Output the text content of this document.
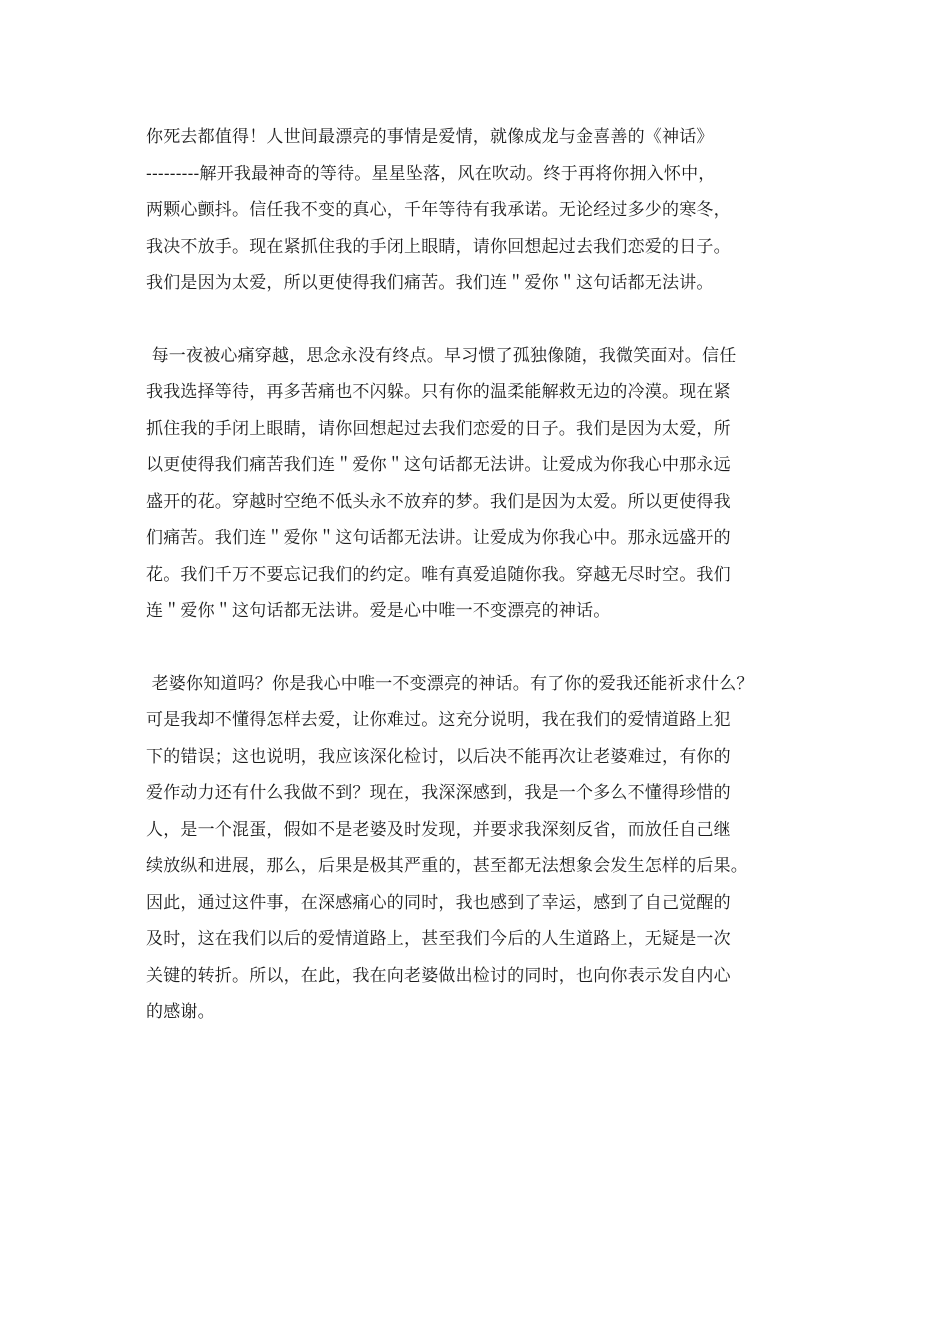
你死去都值得！人世间最漂亮的事情是爱情，就像成龙与金喜善的《神话》
---------解开我最神奇的等待。星星坠落，风在吹动。终于再将你拥入怀中，
两颗心颤抖。信任我不变的真心，千年等待有我承诺。无论经过多少的寒冬，
我决不放手。现在紧抓住我的手闭上眼睛，请你回想起过去我们恋爱的日子。
我们是因为太爱，所以更使得我们痛苦。我们连＂爱你＂这句话都无法讲。
每一夜被心痛穿越，思念永没有终点。早习惯了孤独像随，我微笑面对。信任
我我选择等待，再多苦痛也不闪躲。只有你的温柔能解救无边的冷漠。现在紧
抓住我的手闭上眼睛，请你回想起过去我们恋爱的日子。我们是因为太爱，所
以更使得我们痛苦我们连＂爱你＂这句话都无法讲。让爱成为你我心中那永远
盛开的花。穿越时空绝不低头永不放弃的梦。我们是因为太爱。所以更使得我
们痛苦。我们连＂爱你＂这句话都无法讲。让爱成为你我心中。那永远盛开的
花。我们千万不要忘记我们的约定。唯有真爱追随你我。穿越无尽时空。我们
连＂爱你＂这句话都无法讲。爱是心中唯一不变漂亮的神话。
老婆你知道吗？你是我心中唯一不变漂亮的神话。有了你的爱我还能祈求什么？
可是我却不懂得怎样去爱，让你难过。这充分说明，我在我们的爱情道路上犯
下的错误；这也说明，我应该深化检讨，以后决不能再次让老婆难过，有你的
爱作动力还有什么我做不到？现在，我深深感到，我是一个多么不懂得珍惜的
人，是一个混蛋，假如不是老婆及时发现，并要求我深刻反省，而放任自己继
续放纵和进展，那么，后果是极其严重的，甚至都无法想象会发生怎样的后果。
因此，通过这件事，在深感痛心的同时，我也感到了幸运，感到了自己觉醒的
及时，这在我们以后的爱情道路上，甚至我们今后的人生道路上，无疑是一次
关键的转折。所以，在此，我在向老婆做出检讨的同时，也向你表示发自内心
的感谢。
